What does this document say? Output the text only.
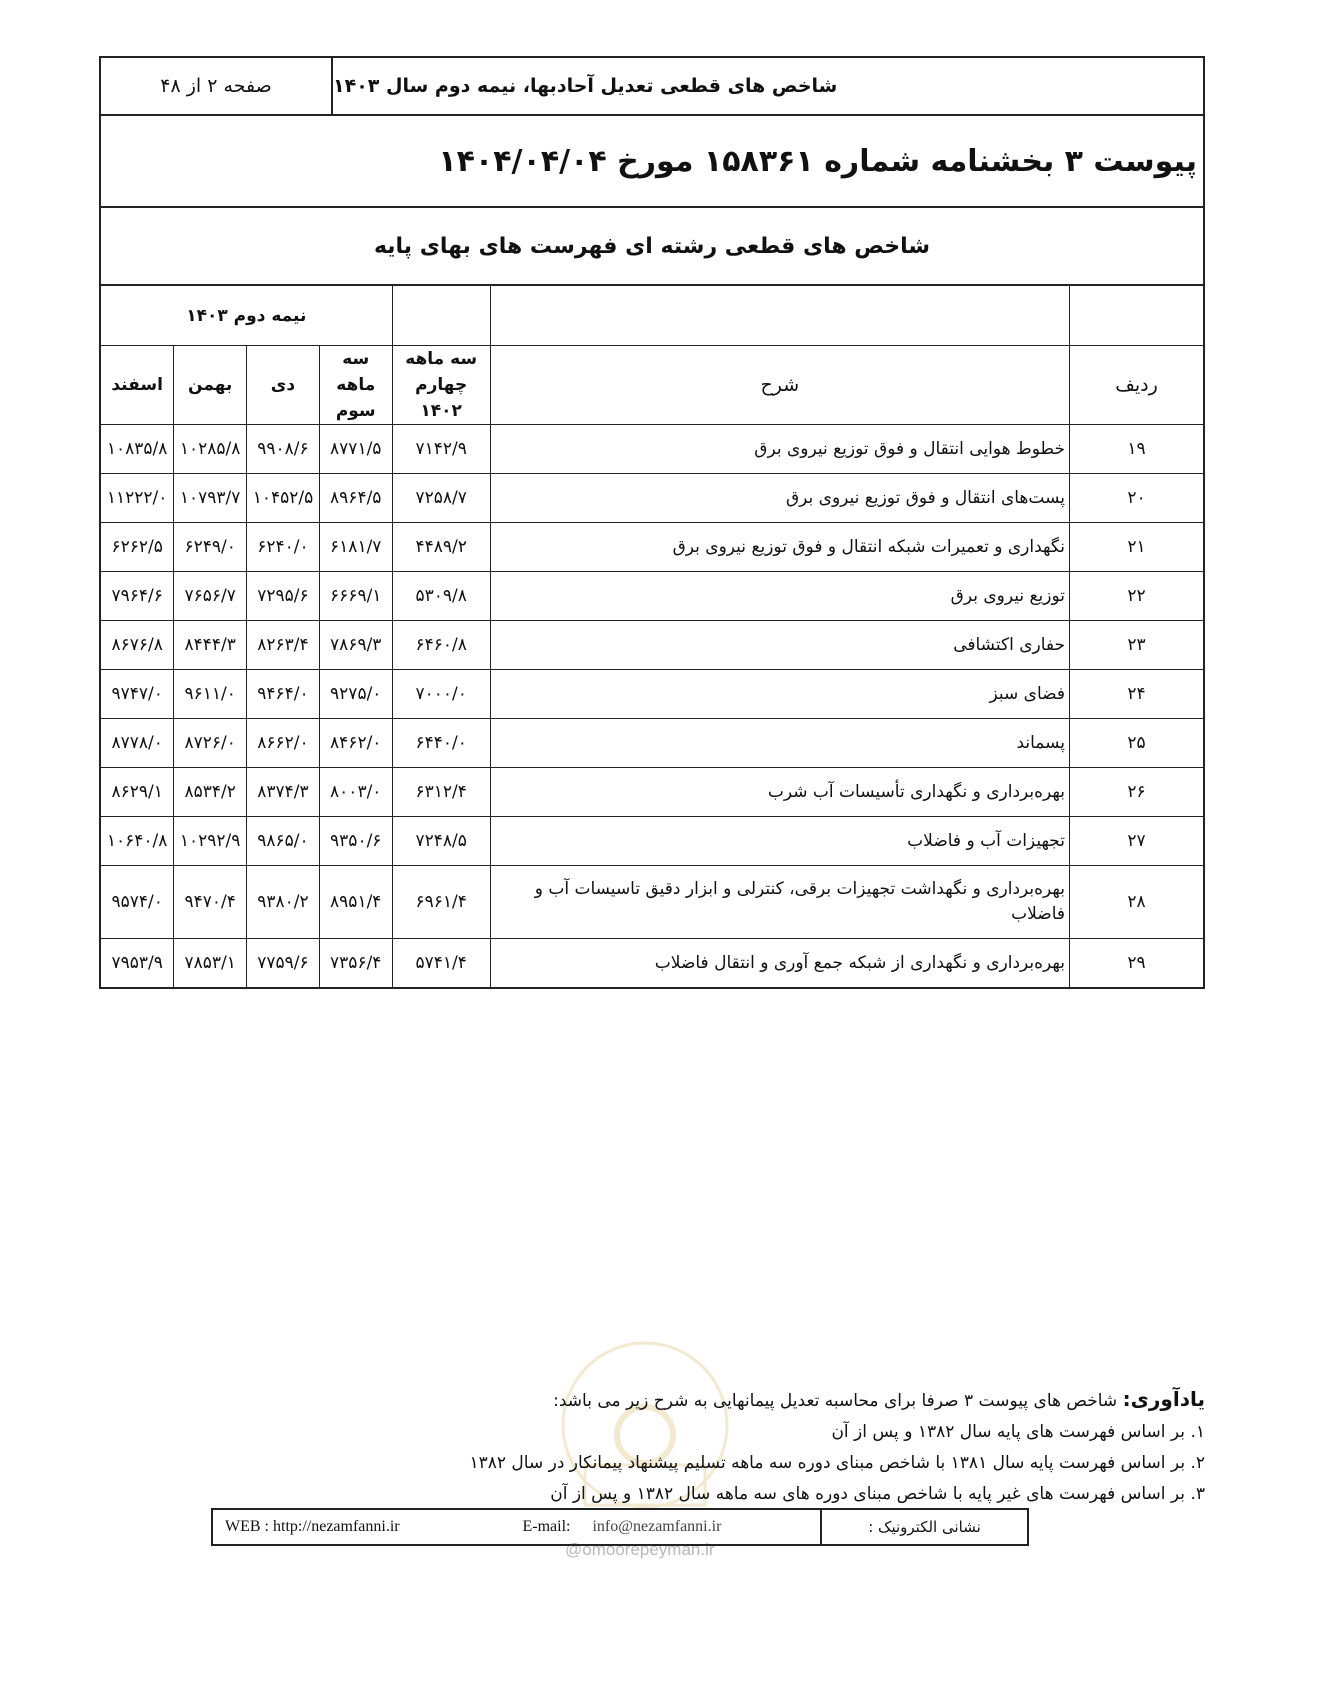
صفحه ۲ از ۴۸	شاخص های قطعی تعدیل آحادبها، نیمه دوم سال ۱۴۰۳
پیوست ۳ بخشنامه شماره ۱۵۸۳۶۱ مورخ ۱۴۰۴/۰۴/۰۴
شاخص های قطعی رشته ای فهرست های بهای پایه
نیمه دوم ۱۴۰۳						
اسفند	بهمن	دی	سه ماهه سوم	سه ماهه چهارم ۱۴۰۲	شرح	ردیف
۱۰۸۳۵/۸	۱۰۲۸۵/۸	۹۹۰۸/۶	۸۷۷۱/۵	۷۱۴۲/۹	خطوط هوایی انتقال و فوق توزیع نیروی برق	۱۹
۱۱۲۲۲/۰	۱۰۷۹۳/۷	۱۰۴۵۲/۵	۸۹۶۴/۵	۷۲۵۸/۷	پست‌های انتقال و فوق توزیع نیروی برق	۲۰
۶۲۶۲/۵	۶۲۴۹/۰	۶۲۴۰/۰	۶۱۸۱/۷	۴۴۸۹/۲	نگهداری و تعمیرات شبکه انتقال و فوق توزیع نیروی برق	۲۱
۷۹۶۴/۶	۷۶۵۶/۷	۷۲۹۵/۶	۶۶۶۹/۱	۵۳۰۹/۸	توزیع نیروی برق	۲۲
۸۶۷۶/۸	۸۴۴۴/۳	۸۲۶۳/۴	۷۸۶۹/۳	۶۴۶۰/۸	حفاری اکتشافی	۲۳
۹۷۴۷/۰	۹۶۱۱/۰	۹۴۶۴/۰	۹۲۷۵/۰	۷۰۰۰/۰	فضای سبز	۲۴
۸۷۷۸/۰	۸۷۲۶/۰	۸۶۶۲/۰	۸۴۶۲/۰	۶۴۴۰/۰	پسماند	۲۵
۸۶۲۹/۱	۸۵۳۴/۲	۸۳۷۴/۳	۸۰۰۳/۰	۶۳۱۲/۴	بهره‌برداری و نگهداری تأسیسات آب شرب	۲۶
۱۰۶۴۰/۸	۱۰۲۹۲/۹	۹۸۶۵/۰	۹۳۵۰/۶	۷۲۴۸/۵	تجهیزات آب و فاضلاب	۲۷
۹۵۷۴/۰	۹۴۷۰/۴	۹۳۸۰/۲	۸۹۵۱/۴	۶۹۶۱/۴	بهره‌برداری و نگهداشت تجهیزات برقی، کنترلی و ابزار دقیق تاسیسات آب و فاضلاب	۲۸
۷۹۵۳/۹	۷۸۵۳/۱	۷۷۵۹/۶	۷۳۵۶/۴	۵۷۴۱/۴	بهره‌برداری و نگهداری از شبکه جمع آوری و انتقال فاضلاب	۲۹
@omoorepeyman.ir
یادآوری: شاخص های پیوست ۳ صرفا برای محاسبه تعدیل پیمانهایی به شرح زیر می باشد:
۱. بر اساس فهرست های پایه سال ۱۳۸۲ و پس از آن
۲. بر اساس فهرست پایه سال ۱۳۸۱ با شاخص مبنای دوره سه ماهه تسلیم پیشنهاد پیمانکار در سال ۱۳۸۲
۳. بر اساس فهرست های غیر پایه با شاخص مبنای دوره های سه ماهه سال ۱۳۸۲ و پس از آن
WEB : http://nezamfanni.ir	E-mail: info@nezamfanni.ir	نشانی الکترونیک :
